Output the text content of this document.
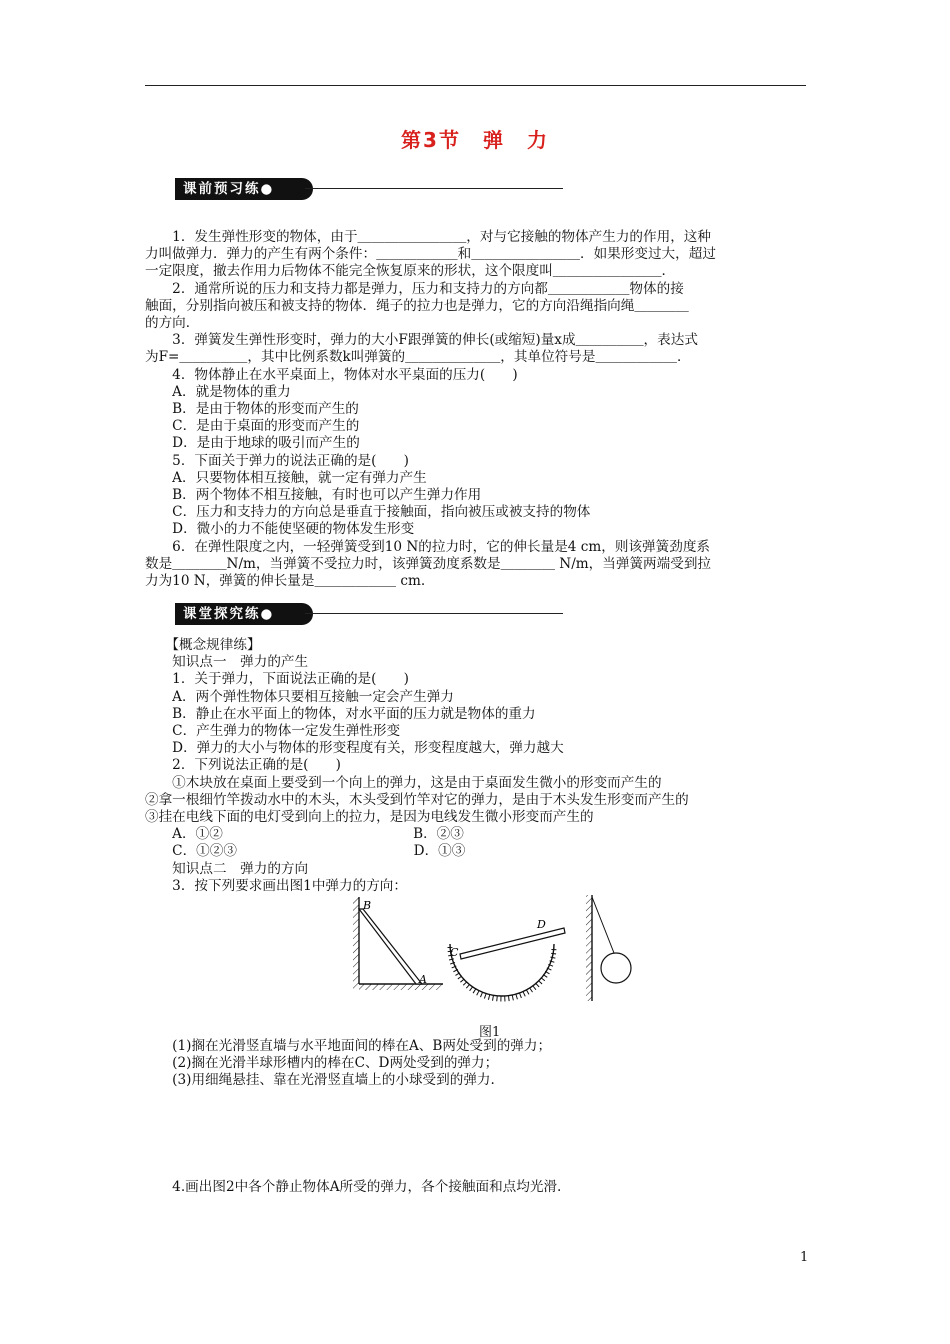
第3节　弹　力
课前预习练●
　　1．发生弹性形变的物体，由于＿＿＿＿＿＿＿＿，对与它接触的物体产生力的作用，这种
力叫做弹力．弹力的产生有两个条件：＿＿＿＿＿＿和＿＿＿＿＿＿＿＿．如果形变过大，超过
一定限度，撤去作用力后物体不能完全恢复原来的形状，这个限度叫＿＿＿＿＿＿＿＿．
　　2．通常所说的压力和支持力都是弹力，压力和支持力的方向都＿＿＿＿＿＿物体的接
触面，分别指向被压和被支持的物体．绳子的拉力也是弹力，它的方向沿绳指向绳＿＿＿＿
的方向．
　　3．弹簧发生弹性形变时，弹力的大小F跟弹簧的伸长(或缩短)量x成＿＿＿＿＿，表达式
为F=＿＿＿＿＿，其中比例系数k叫弹簧的＿＿＿＿＿＿＿，其单位符号是＿＿＿＿＿＿．
　　4．物体静止在水平桌面上，物体对水平桌面的压力(　　)
　　A．就是物体的重力
　　B．是由于物体的形变而产生的
　　C．是由于桌面的形变而产生的
　　D．是由于地球的吸引而产生的
　　5．下面关于弹力的说法正确的是(　　)
　　A．只要物体相互接触，就一定有弹力产生
　　B．两个物体不相互接触，有时也可以产生弹力作用
　　C．压力和支持力的方向总是垂直于接触面，指向被压或被支持的物体
　　D．微小的力不能使坚硬的物体发生形变
　　6．在弹性限度之内，一轻弹簧受到10 N的拉力时，它的伸长量是4 cm，则该弹簧劲度系
数是＿＿＿＿N/m，当弹簧不受拉力时，该弹簧劲度系数是＿＿＿＿ N/m，当弹簧两端受到拉
力为10 N，弹簧的伸长量是＿＿＿＿＿＿ cm.
课堂探究练●
　　【概念规律练】
　　知识点一　弹力的产生
　　1．关于弹力，下面说法正确的是(　　)
　　A．两个弹性物体只要相互接触一定会产生弹力
　　B．静止在水平面上的物体，对水平面的压力就是物体的重力
　　C．产生弹力的物体一定发生弹性形变
　　D．弹力的大小与物体的形变程度有关，形变程度越大，弹力越大
　　2．下列说法正确的是(　　)
　　①木块放在桌面上要受到一个向上的弹力，这是由于桌面发生微小的形变而产生的
②拿一根细竹竿拨动水中的木头，木头受到竹竿对它的弹力，是由于木头发生形变而产生的
③挂在电线下面的电灯受到向上的拉力，是因为电线发生微小形变而产生的
　　A．①②　　　　　　　　　　　　　　B．②③
　　C．①②③　　　　　　　　　　　　　D．①③
　　知识点二　弹力的方向
　　3．按下列要求画出图1中弹力的方向：
B
A
C
D
图1
　　(1)搁在光滑竖直墙与水平地面间的棒在A、B两处受到的弹力；
　　(2)搁在光滑半球形槽内的棒在C、D两处受到的弹力；
　　(3)用细绳悬挂、靠在光滑竖直墙上的小球受到的弹力.
　　4.画出图2中各个静止物体A所受的弹力，各个接触面和点均光滑.
1
